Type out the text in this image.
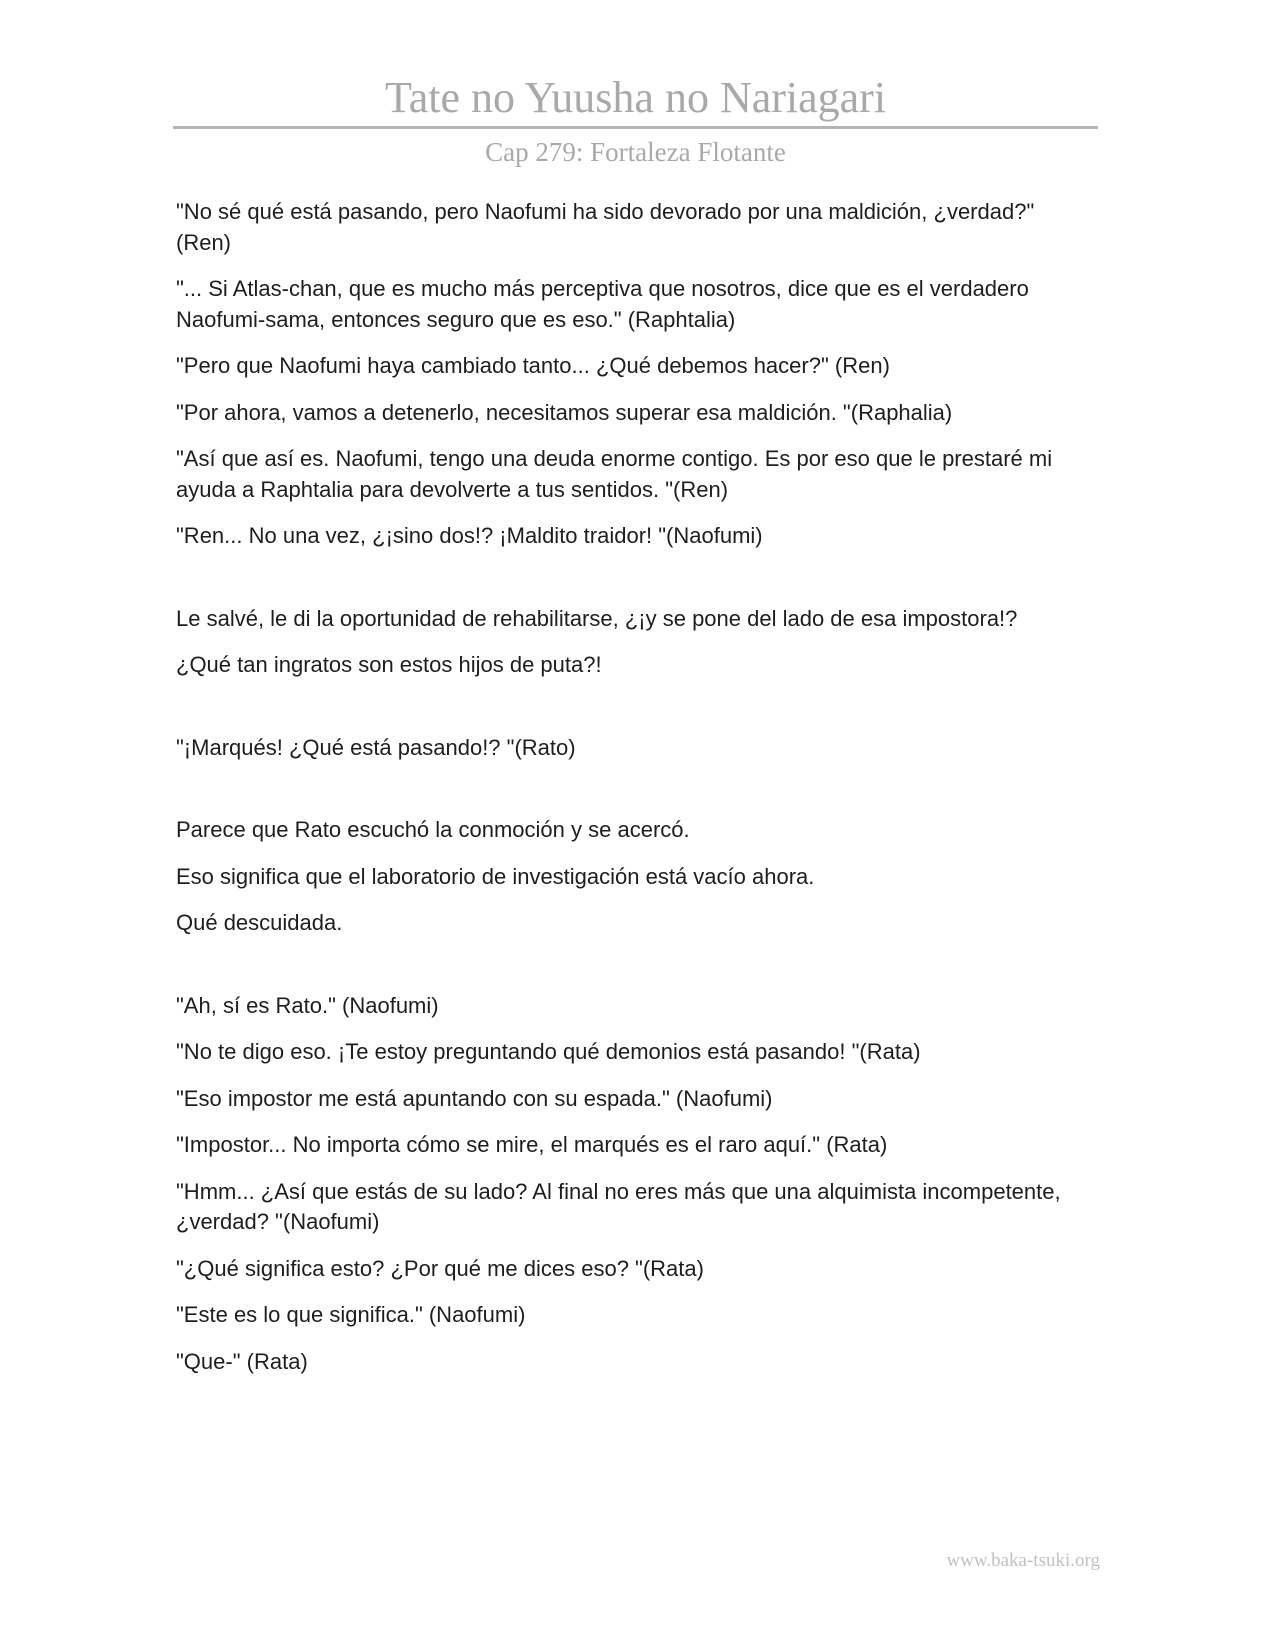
Tate no Yuusha no Nariagari
Cap 279: Fortaleza Flotante

"No sé qué está pasando, pero Naofumi ha sido devorado por una maldición, ¿verdad?" (Ren)

"... Si Atlas-chan, que es mucho más perceptiva que nosotros, dice que es el verdadero Naofumi-sama, entonces seguro que es eso." (Raphtalia)

"Pero que Naofumi haya cambiado tanto... ¿Qué debemos hacer?" (Ren)

"Por ahora, vamos a detenerlo, necesitamos superar esa maldición. "(Raphalia)

"Así que así es. Naofumi, tengo una deuda enorme contigo. Es por eso que le prestaré mi ayuda a Raphtalia para devolverte a tus sentidos. "(Ren)

"Ren... No una vez, ¿¡sino dos!? ¡Maldito traidor! "(Naofumi)

Le salvé, le di la oportunidad de rehabilitarse, ¿¡y se pone del lado de esa impostora!?

¿Qué tan ingratos son estos hijos de puta?!

"¡Marqués! ¿Qué está pasando!? "(Rato)

Parece que Rato escuchó la conmoción y se acercó.

Eso significa que el laboratorio de investigación está vacío ahora.

Qué descuidada.

"Ah, sí es Rato." (Naofumi)

"No te digo eso. ¡Te estoy preguntando qué demonios está pasando! "(Rata)

"Eso impostor me está apuntando con su espada." (Naofumi)

"Impostor... No importa cómo se mire, el marqués es el raro aquí." (Rata)

"Hmm... ¿Así que estás de su lado? Al final no eres más que una alquimista incompetente, ¿verdad? "(Naofumi)

"¿Qué significa esto? ¿Por qué me dices eso? "(Rata)

"Este es lo que significa." (Naofumi)

"Que-" (Rata)

www.baka-tsuki.org
